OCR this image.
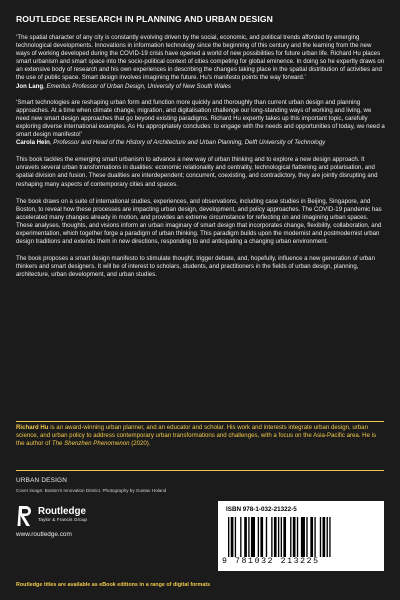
ROUTLEDGE RESEARCH IN PLANNING AND URBAN DESIGN
‘The spatial character of any city is constantly evolving driven by the social, economic, and political trends afforded by emerging technological developments. Innovations in information technology since the beginning of this century and the learning from the new ways of working developed during the COVID-19 crisis have opened a world of new possibilities for future urban life. Richard Hu places smart urbanism and smart space into the socio-political context of cities competing for global eminence. In doing so he expertly draws on an extensive body of research and his own experiences in describing the changes taking place in the spatial distribution of activities and the use of public space. Smart design involves imagining the future. Hu’s manifesto points the way forward.’
Jon Lang, Emeritus Professor of Urban Design, University of New South Wales
‘Smart technologies are reshaping urban form and function more quickly and thoroughly than current urban design and planning approaches. At a time when climate change, migration, and digitalisation challenge our long-standing ways of working and living, we need new smart design approaches that go beyond existing paradigms. Richard Hu expertly takes up this important topic, carefully exploring diverse international examples. As Hu appropriately concludes: to engage with the needs and opportunities of today, we need a smart design manifesto!’
Carola Hein, Professor and Head of the History of Architecture and Urban Planning, Delft University of Technology
This book tackles the emerging smart urbanism to advance a new way of urban thinking and to explore a new design approach. It unravels several urban transformations in dualities: economic relationality and centrality, technological flattening and polarisation, and spatial division and fusion. These dualities are interdependent; concurrent, coexisting, and contradictory, they are jointly disrupting and reshaping many aspects of contemporary cities and spaces.
The book draws on a suite of international studies, experiences, and observations, including case studies in Beijing, Singapore, and Boston, to reveal how these processes are impacting urban design, development, and policy approaches. The COVID-19 pandemic has accelerated many changes already in motion, and provides an extreme circumstance for reflecting on and imagining urban spaces. These analyses, thoughts, and visions inform an urban imaginary of smart design that incorporates change, flexibility, collaboration, and experimentation, which together forge a paradigm of urban thinking. This paradigm builds upon the modernist and postmodernist urban design traditions and extends them in new directions, responding to and anticipating a changing urban environment.
The book proposes a smart design manifesto to stimulate thought, trigger debate, and, hopefully, influence a new generation of urban thinkers and smart designers. It will be of interest to scholars, students, and practitioners in the fields of urban design, planning, architecture, urban development, and urban studies.
Richard Hu is an award-winning urban planner, and an educator and scholar. His work and interests integrate urban design, urban science, and urban policy to address contemporary urban transformations and challenges, with a focus on the Asia-Pacific area. He is the author of The Shenzhen Phenomenon (2020).
URBAN DESIGN
Cover image: Boston’s Innovation District. Photography by Gustav Holand
Routledge
Taylor & Francis Group
www.routledge.com
ISBN 978-1-032-21322-5
9 781032 213225
Routledge titles are available as eBook editions in a range of digital formats
